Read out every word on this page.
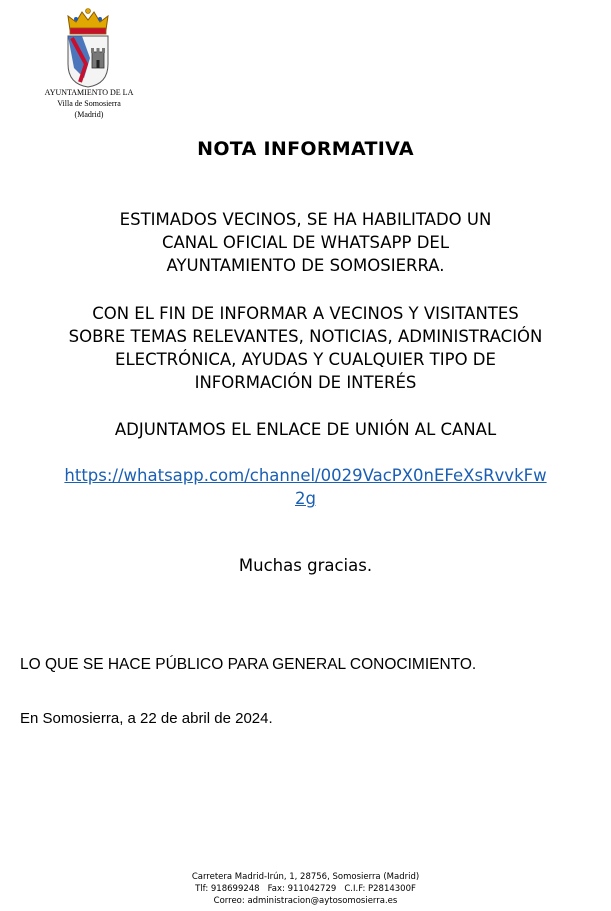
AYUNTAMIENTO DE LA
Villa de Somosierra
(Madrid)
NOTA INFORMATIVA
ESTIMADOS VECINOS, SE HA HABILITADO UN
CANAL OFICIAL DE WHATSAPP DEL
AYUNTAMIENTO DE SOMOSIERRA.
CON EL FIN DE INFORMAR A VECINOS Y VISITANTES
SOBRE TEMAS RELEVANTES, NOTICIAS, ADMINISTRACIÓN
ELECTRÓNICA, AYUDAS Y CUALQUIER TIPO DE
INFORMACIÓN DE INTERÉS
ADJUNTAMOS EL ENLACE DE UNIÓN AL CANAL
https://whatsapp.com/channel/0029VacPX0nEFeXsRvvkFw
2g
Muchas gracias.
LO QUE SE HACE PÚBLICO PARA GENERAL CONOCIMIENTO.
En Somosierra, a 22 de abril de 2024.
Carretera Madrid-Irún, 1, 28756, Somosierra (Madrid)
Tlf: 918699248   Fax: 911042729   C.I.F: P2814300F
Correo: administracion@aytosomosierra.es
